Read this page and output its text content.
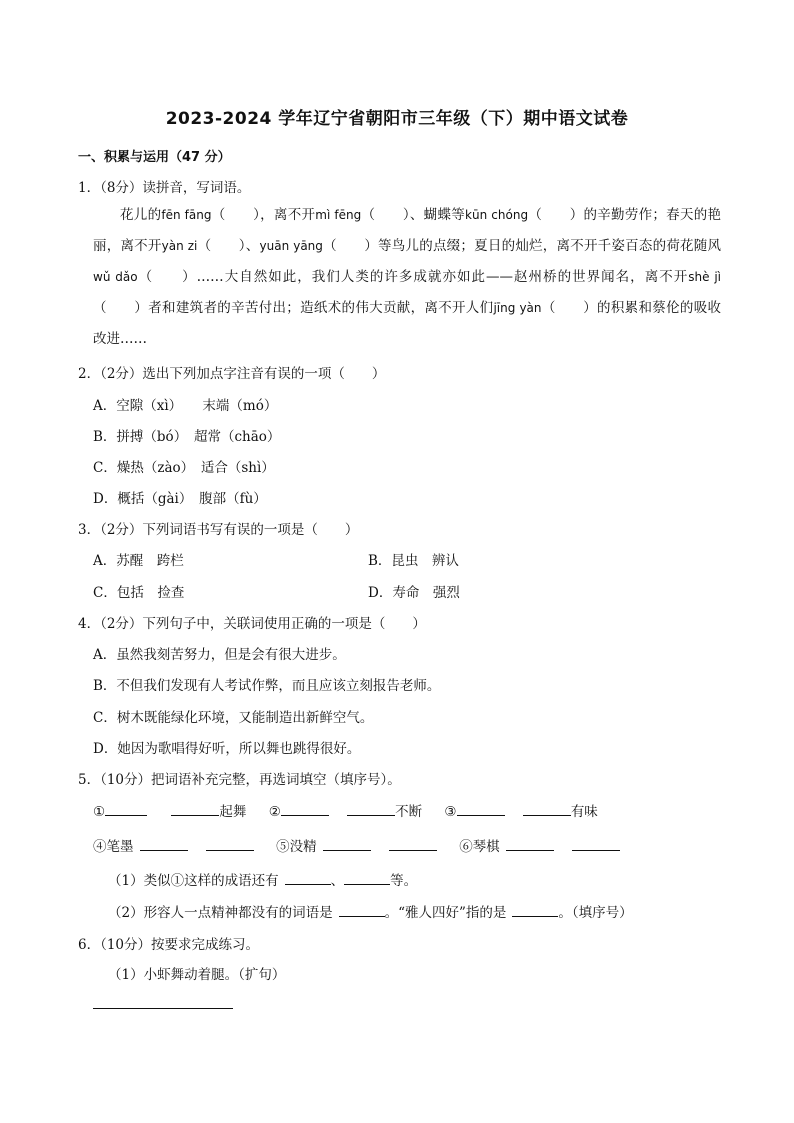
2023-2024 学年辽宁省朝阳市三年级（下）期中语文试卷
一、积累与运用（47 分）
1．（8分）读拼音，写词语。
花儿的fēn fāng（　　），离不开mì fēng（　　）、蝴蝶等kūn chóng（　　）的辛勤劳作；春天的艳丽，离不开yàn zi（　　）、yuān yāng（　　）等鸟儿的点缀；夏日的灿烂，离不开千姿百态的荷花随风wǔ dǎo（　　）……大自然如此，我们人类的许多成就亦如此——赵州桥的世界闻名，离不开shè jì（　　）者和建筑者的辛苦付出；造纸术的伟大贡献，离不开人们jīng yàn（　　）的积累和蔡伦的吸收改进……
2．（2分）选出下列加点字注音有误的一项（　　）
A．空隙（xì）　　末端（mó）
B．拼搏（bó）　超常（chāo）
C．燥热（zào）　适合（shì）
D．概括（gài）　腹部（fù）
3．（2分）下列词语书写有误的一项是（　　）
A．苏醒　跨栏	B．昆虫　辨认
C．包括　捡查	D．寿命　强烈
4．（2分）下列句子中，关联词使用正确的一项是（　　）
A．虽然我刻苦努力，但是会有很大进步。
B．不但我们发现有人考试作弊，而且应该立刻报告老师。
C．树木既能绿化环境，又能制造出新鲜空气。
D．她因为歌唱得好听，所以舞也跳得很好。
5．（10分）把词语补充完整，再选词填空（填序号）。
①	起舞 ②	不断 ③	有味
④笔墨	⑤没精	⑥琴棋
（1）类似①这样的成语还有	、	等。
（2）形容人一点精神都没有的词语是	。“雅人四好”指的是	。（填序号）
6．（10分）按要求完成练习。
（1）小虾舞动着腿。（扩句）
